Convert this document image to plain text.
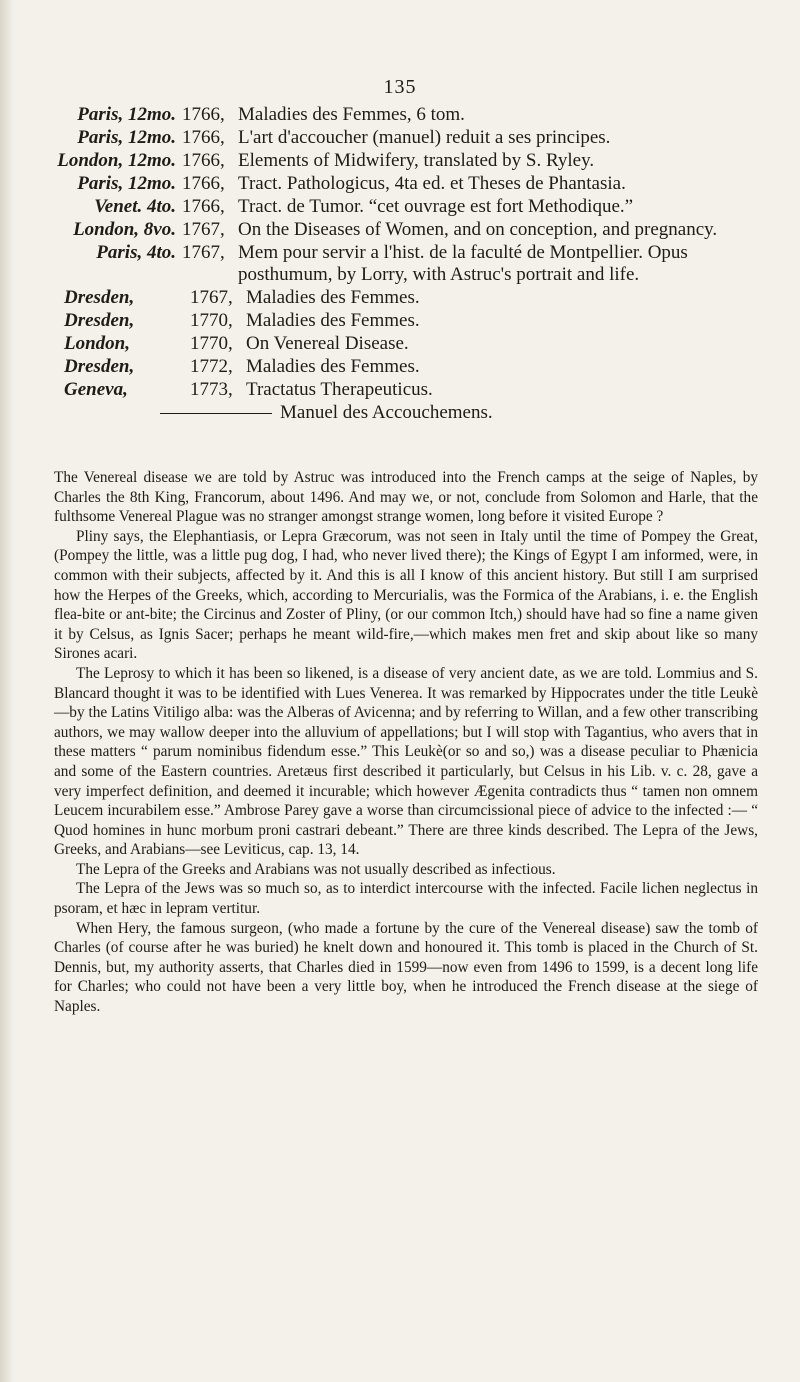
135
Paris, 12mo. 1766, Maladies des Femmes, 6 tom.
Paris, 12mo. 1766, L'art d'accoucher (manuel) reduit a ses principes.
London, 12mo. 1766, Elements of Midwifery, translated by S. Ryley.
Paris, 12mo. 1766, Tract. Pathologicus, 4ta ed. et Theses de Phantasia.
Venet. 4to. 1766, Tract. de Tumor. “cet ouvrage est fort Methodique.”
London, 8vo. 1767, On the Diseases of Women, and on conception, and pregnancy.
Paris, 4to. 1767, Mem pour servir a l'hist. de la faculté de Montpellier. Opus posthumum, by Lorry, with Astruc's portrait and life.
Dresden,	1767, Maladies des Femmes.
Dresden,	1770, Maladies des Femmes.
London,	1770, On Venereal Disease.
Dresden,	1772, Maladies des Femmes.
Geneva,	1773, Tractatus Therapeuticus.
Manuel des Accouchemens.

The Venereal disease we are told by Astruc was introduced into the French camps at the seige of Naples, by Charles the 8th King, Francorum, about 1496. And may we, or not, conclude from Solomon and Harle, that the fulthsome Venereal Plague was no stranger amongst strange women, long before it visited Europe ?

Pliny says, the Elephantiasis, or Lepra Græcorum, was not seen in Italy until the time of Pompey the Great, (Pompey the little, was a little pug dog, I had, who never lived there); the Kings of Egypt I am informed, were, in common with their subjects, affected by it. And this is all I know of this ancient history. But still I am surprised how the Herpes of the Greeks, which, according to Mercurialis, was the Formica of the Arabians, i. e. the English flea-bite or ant-bite; the Circinus and Zoster of Pliny, (or our common Itch,) should have had so fine a name given it by Celsus, as Ignis Sacer; perhaps he meant wild-fire,—which makes men fret and skip about like so many Sirones acari.

The Leprosy to which it has been so likened, is a disease of very ancient date, as we are told. Lommius and S. Blancard thought it was to be identified with Lues Venerea. It was remarked by Hippocrates under the title Leukè—by the Latins Vitiligo alba: was the Alberas of Avicenna; and by referring to Willan, and a few other transcribing authors, we may wallow deeper into the alluvium of appellations; but I will stop with Tagantius, who avers that in these matters “ parum nominibus fidendum esse.” This Leukè(or so and so,) was a disease peculiar to Phænicia and some of the Eastern countries. Aretæus first described it particularly, but Celsus in his Lib. v. c. 28, gave a very imperfect definition, and deemed it incurable; which however Ægenita contradicts thus “ tamen non omnem Leucem incurabilem esse.” Ambrose Parey gave a worse than circumcissional piece of advice to the infected :— “ Quod homines in hunc morbum proni castrari debeant.” There are three kinds described. The Lepra of the Jews, Greeks, and Arabians—see Leviticus, cap. 13, 14.

The Lepra of the Greeks and Arabians was not usually described as infectious.

The Lepra of the Jews was so much so, as to interdict intercourse with the infected. Facile lichen neglectus in psoram, et hæc in lepram vertitur.

When Hery, the famous surgeon, (who made a fortune by the cure of the Venereal disease) saw the tomb of Charles (of course after he was buried) he knelt down and honoured it. This tomb is placed in the Church of St. Dennis, but, my authority asserts, that Charles died in 1599—now even from 1496 to 1599, is a decent long life for Charles; who could not have been a very little boy, when he introduced the French disease at the siege of Naples.
